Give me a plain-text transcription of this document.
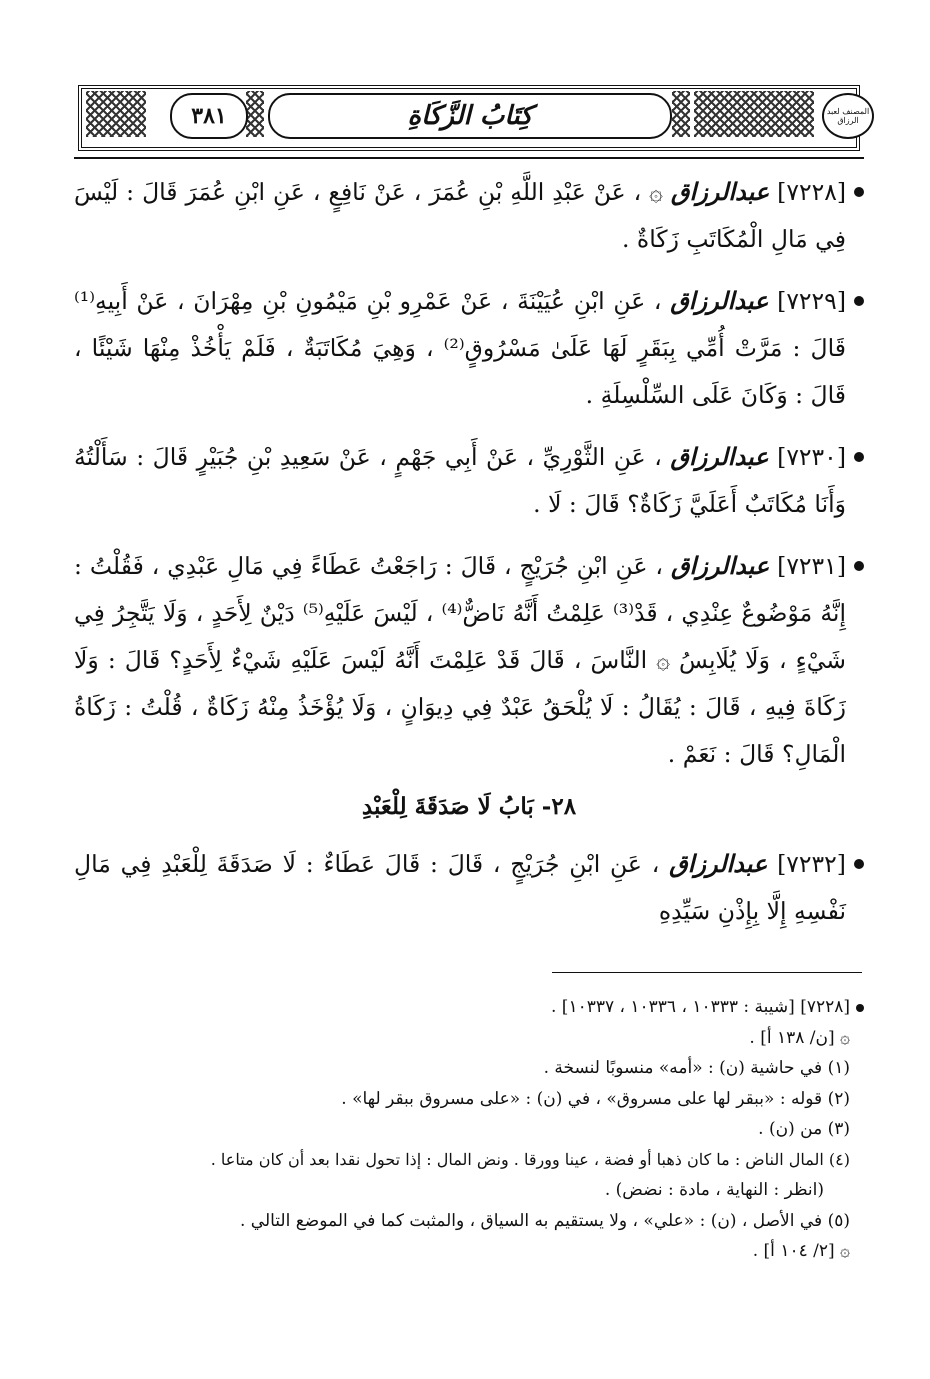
٣٨١	كِتَابُ الزَّكَاةِ	المصنف لعبد الرزاق

[٧٢٢٨] عبدالرزاق ۞ ، عَنْ عَبْدِ اللَّهِ بْنِ عُمَرَ ، عَنْ نَافِعٍ ، عَنِ ابْنِ عُمَرَ قَالَ : لَيْسَ فِي مَالِ الْمُكَاتَبِ زَكَاةٌ .

[٧٢٢٩] عبدالرزاق ، عَنِ ابْنِ عُيَيْنَةَ ، عَنْ عَمْرِو بْنِ مَيْمُونِ بْنِ مِهْرَانَ ، عَنْ أَبِيهِ⁽¹⁾ قَالَ : مَرَّتْ أُمِّي بِبَقَرٍ لَهَا عَلَىٰ مَسْرُوقٍ⁽²⁾ ، وَهِيَ مُكَاتَبَةٌ ، فَلَمْ يَأْخُذْ مِنْهَا شَيْئًا ، قَالَ : وَكَانَ عَلَى السِّلْسِلَةِ .

[٧٢٣٠] عبدالرزاق ، عَنِ الثَّوْرِيِّ ، عَنْ أَبِي جَهْمٍ ، عَنْ سَعِيدِ بْنِ جُبَيْرٍ قَالَ : سَأَلْتُهُ وَأَنَا مُكَاتَبٌ أَعَلَيَّ زَكَاةٌ؟ قَالَ : لَا .

[٧٢٣١] عبدالرزاق ، عَنِ ابْنِ جُرَيْجٍ ، قَالَ : رَاجَعْتُ عَطَاءً فِي مَالِ عَبْدِي ، فَقُلْتُ : إِنَّهُ مَوْضُوعٌ عِنْدِي ، قَدْ⁽³⁾ عَلِمْتُ أَنَّهُ نَاضٌّ⁽⁴⁾ ، لَيْسَ عَلَيْهِ⁽⁵⁾ دَيْنٌ لِأَحَدٍ ، وَلَا يَتَّجِرُ فِي شَيْءٍ ، وَلَا يُلَابِسُ ۞ النَّاسَ ، قَالَ قَدْ عَلِمْتَ أَنَّهُ لَيْسَ عَلَيْهِ شَيْءٌ لِأَحَدٍ؟ قَالَ : وَلَا زَكَاةَ فِيهِ ، قَالَ : يُقَالُ : لَا يُلْحَقُ عَبْدٌ فِي دِيوَانٍ ، وَلَا يُؤْخَذُ مِنْهُ زَكَاةٌ ، قُلْتُ : زَكَاةُ الْمَالِ؟ قَالَ : نَعَمْ .

٢٨- بَابُ لَا صَدَقَةَ لِلْعَبْدِ

[٧٢٣٢] عبدالرزاق ، عَنِ ابْنِ جُرَيْجٍ ، قَالَ : قَالَ عَطَاءٌ : لَا صَدَقَةَ لِلْعَبْدِ فِي مَالِ نَفْسِهِ إِلَّا بِإِذْنِ سَيِّدِهِ

[٧٢٢٨] [شيبة : ١٠٣٣٣ ، ١٠٣٣٦ ، ١٠٣٣٧] .
۞ [ن/ ١٣٨ أ] .
(١) في حاشية (ن) : «أمه» منسوبًا لنسخة .
(٢) قوله : «ببقر لها على مسروق» ، في (ن) : «على مسروق ببقر لها» .
(٣) من (ن) .
(٤) المال الناض : ما كان ذهبا أو فضة ، عينا وورقا . ونض المال : إذا تحول نقدا بعد أن كان متاعا .
(انظر : النهاية ، مادة : نضض) .
(٥) في الأصل ، (ن) : «علي» ، ولا يستقيم به السياق ، والمثبت كما في الموضع التالي .
۞ [٢/ ١٠٤ أ] .
